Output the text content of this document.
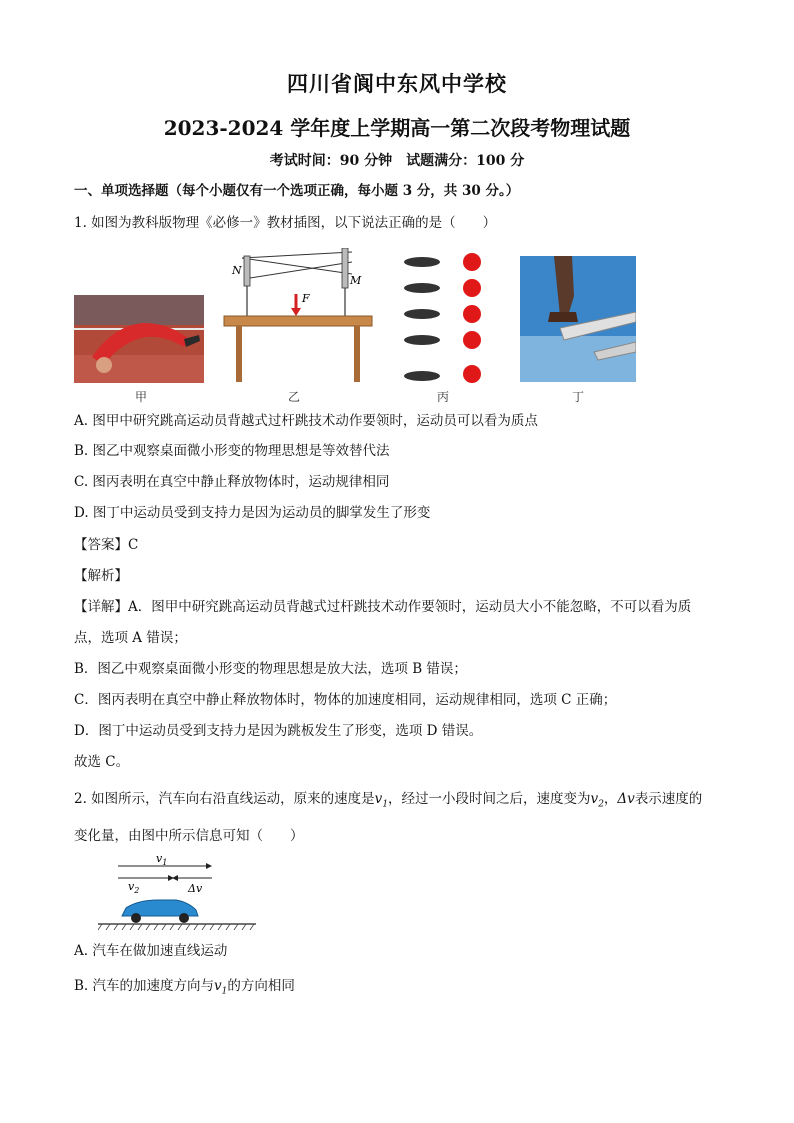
四川省阆中东风中学校
2023-2024 学年度上学期高一第二次段考物理试题
考试时间：90 分钟　试题满分：100 分
一、单项选择题（每个小题仅有一个选项正确，每小题 3 分，共 30 分。）
1. 如图为教科版物理《必修一》教材插图，以下说法正确的是（　　）
甲
N
M
F
乙	丙	丁
A. 图甲中研究跳高运动员背越式过杆跳技术动作要领时，运动员可以看为质点
B. 图乙中观察桌面微小形变的物理思想是等效替代法
C. 图丙表明在真空中静止释放物体时，运动规律相同
D. 图丁中运动员受到支持力是因为运动员的脚掌发生了形变
【答案】C
【解析】
【详解】A．图甲中研究跳高运动员背越式过杆跳技术动作要领时，运动员大小不能忽略，不可以看为质
点，选项 A 错误；
B．图乙中观察桌面微小形变的物理思想是放大法，选项 B 错误；
C．图丙表明在真空中静止释放物体时，物体的加速度相同，运动规律相同，选项 C 正确；
D．图丁中运动员受到支持力是因为跳板发生了形变，选项 D 错误。
故选 C。
2. 如图所示，汽车向右沿直线运动，原来的速度是$v_1$，经过一小段时间之后，速度变为$v_2$，Δv表示速度的
变化量，由图中所示信息可知（　　）
$v_1$
$v_2$	Δv
A. 汽车在做加速直线运动
B. 汽车的加速度方向与$v_1$的方向相同
